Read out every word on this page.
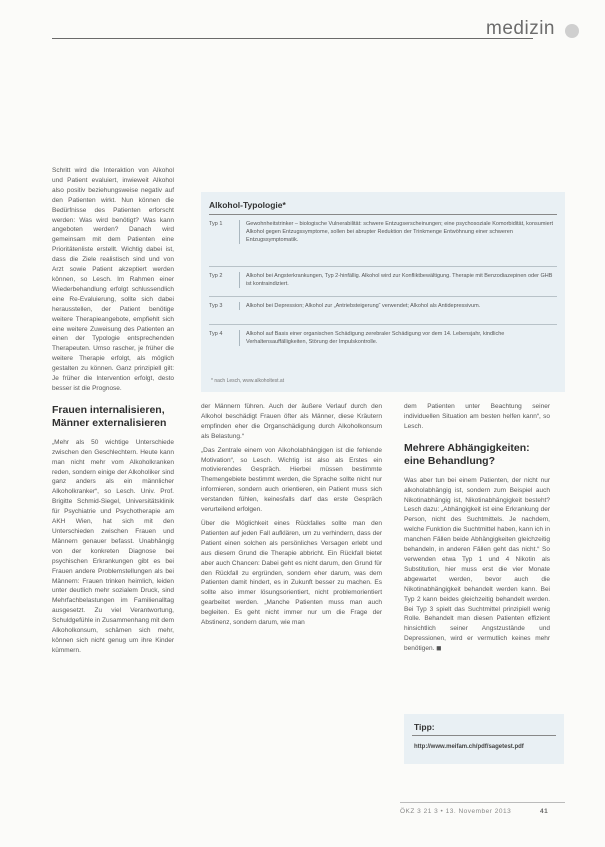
medizin

Schritt wird die Interaktion von Alkohol und Patient evaluiert, inwieweit Alkohol also positiv beziehungsweise negativ auf den Patienten wirkt. Nun können die Bedürfnisse des Patienten erforscht werden: Was wird benötigt? Was kann angeboten werden? Danach wird gemeinsam mit dem Patienten eine Prioritätenliste erstellt. Wichtig dabei ist, dass die Ziele realistisch sind und von Arzt sowie Patient akzeptiert werden können, so Lesch. Im Rahmen einer Wiederbehandlung erfolgt schlussendlich eine Re-Evaluierung, sollte sich dabei herausstellen, der Patient benötige weitere Therapieangebote, empfiehlt sich eine weitere Zuweisung des Patienten an einen der Typologie entsprechenden Therapeuten. Umso rascher, je früher die weitere Therapie erfolgt, als möglich gestalten zu können. Ganz prinzipiell gilt: Je früher die Intervention erfolgt, desto besser ist die Prognose.

Frauen internalisieren, Männer externalisieren

„Mehr als 50 wichtige Unterschiede zwischen den Geschlechtern. Heute kann man nicht mehr vom Alkoholkranken reden, sondern einige der Alkoholiker sind ganz anders als ein männlicher Alkoholkranker“, so Lesch. Univ. Prof. Brigitte Schmid-Siegel, Universitätsklinik für Psychiatrie und Psychotherapie am AKH Wien, hat sich mit den Unterschieden zwischen Frauen und Männern genauer befasst. Unabhängig von der konkreten Diagnose bei psychischen Erkrankungen gibt es bei Frauen andere Problemstellungen als bei Männern: Frauen trinken heimlich, leiden unter deutlich mehr sozialem Druck, sind Mehrfachbelastungen im Familienalltag ausgesetzt. Zu viel Verantwortung, Schuldgefühle in Zusammenhang mit dem Alkoholkonsum, schämen sich mehr, können sich nicht genug um ihre Kinder kümmern.

Alkohol-Typologie*
Typ 1	Gewohnheitstrinker – biologische Vulnerabilität: schwere Entzugserscheinungen; eine psychosoziale Komorbidität, konsumiert Alkohol gegen Entzugssymptome, sollen bei abrupter Reduktion der Trinkmenge Entwöhnung einer schweren Entzugssymptomatik.
Typ 2	Alkohol bei Angsterkrankungen, Typ 2-hinfällig. Alkohol wird zur Konfliktbewältigung. Therapie mit Benzodiazepinen oder GHB ist kontraindiziert.
Typ 3	Alkohol bei Depression; Alkohol zur „Antriebsteigerung“ verwendet; Alkohol als Antidepressivum.
Typ 4	Alkohol auf Basis einer organischen Schädigung zerebraler Schädigung vor dem 14. Lebensjahr, kindliche Verhaltensauffälligkeiten, Störung der Impulskontrolle.
* nach Lesch, www.alkoholtest.at

der Männern führen. Auch der äußere Verlauf durch den Alkohol beschädigt Frauen öfter als Männer, diese Kräutern empfinden eher die Organschädigung durch Alkoholkonsum als Belastung.“

„Das Zentrale einem von Alkoholabhängigen ist die fehlende Motivation“, so Lesch. Wichtig ist also als Erstes ein motivierendes Gespräch. Hierbei müssen bestimmte Themengebiete bestimmt werden, die Sprache sollte nicht nur informieren, sondern auch orientieren, ein Patient muss sich verstanden fühlen, keinesfalls darf das erste Gespräch verurteilend erfolgen.

Über die Möglichkeit eines Rückfalles sollte man den Patienten auf jeden Fall aufklären, um zu verhindern, dass der Patient einen solchen als persönliches Versagen erlebt und aus diesem Grund die Therapie abbricht. Ein Rückfall bietet aber auch Chancen: Dabei geht es nicht darum, den Grund für den Rückfall zu ergründen, sondern eher darum, was dem Patienten damit hindert, es in Zukunft besser zu machen. Es sollte also immer lösungsorientiert, nicht problemorientiert gearbeitet werden. „Manche Patienten muss man auch begleiten. Es geht nicht immer nur um die Frage der Abstinenz, sondern darum, wie man

dem Patienten unter Beachtung seiner individuellen Situation am besten helfen kann“, so Lesch.

Mehrere Abhängigkeiten: eine Behandlung?

Was aber tun bei einem Patienten, der nicht nur alkoholabhängig ist, sondern zum Beispiel auch Nikotinabhängig ist, Nikotinabhängigkeit besteht? Lesch dazu: „Abhängigkeit ist eine Erkrankung der Person, nicht des Suchtmittels. Je nachdem, welche Funktion die Suchtmittel haben, kann ich in manchen Fällen beide Abhängigkeiten gleichzeitig behandeln, in anderen Fällen geht das nicht.“ So verwenden etwa Typ 1 und 4 Nikotin als Substitution, hier muss erst die vier Monate abgewartet werden, bevor auch die Nikotinabhängigkeit behandelt werden kann. Bei Typ 2 kann beides gleichzeitig behandelt werden. Bei Typ 3 spielt das Suchtmittel prinzipiell wenig Rolle. Behandelt man diesen Patienten effizient hinsichtlich seiner Angstzustände und Depressionen, wird er vermutlich keines mehr benötigen. ◼

Tipp:
http://www.meifam.ch/pdf/sagetest.pdf
ÖKZ 3 21 3 • 13. November 2013	41
